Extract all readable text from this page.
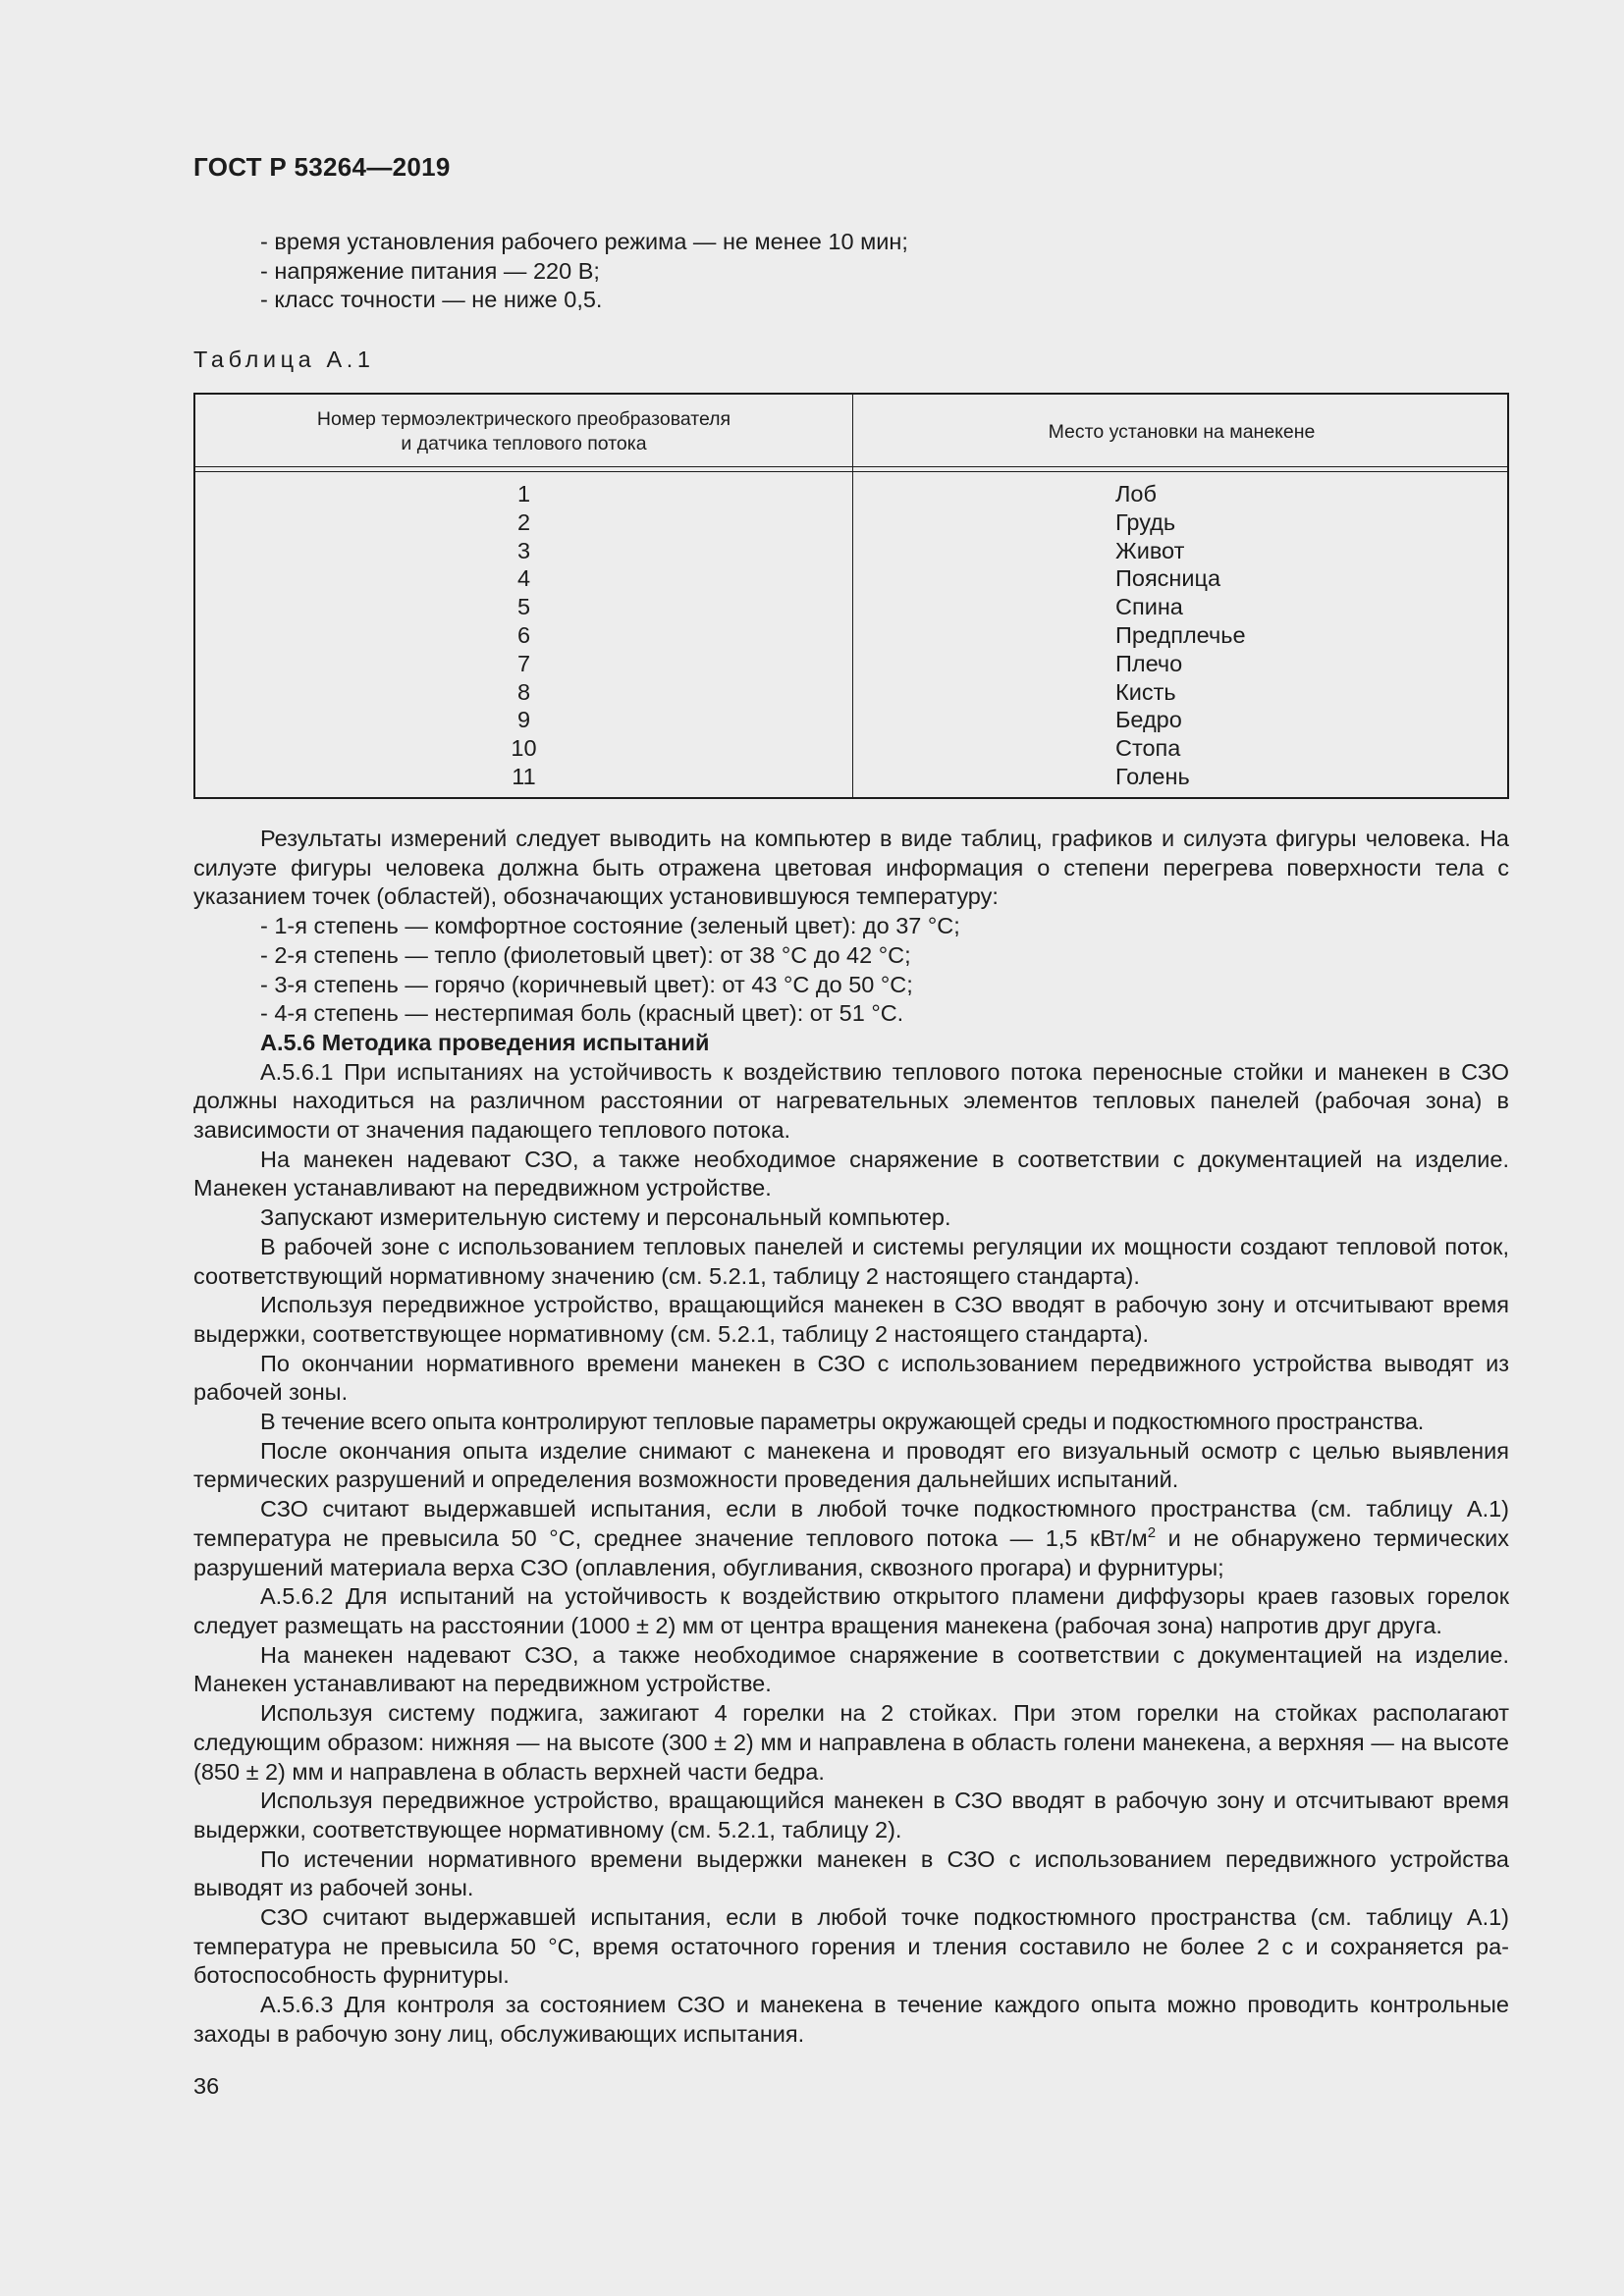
ГОСТ Р 53264—2019
- время установления рабочего режима — не менее 10 мин;
- напряжение питания — 220 В;
- класс точности — не ниже 0,5.
Таблица А.1
Номер термоэлектрического преобразователя
и датчика теплового потока
Место установки на манекене
1
2
3
4
5
6
7
8
9
10
11
Лоб
Грудь
Живот
Поясница
Спина
Предплечье
Плечо
Кисть
Бедро
Стопа
Голень

Результаты измерений следует выводить на компьютер в виде таблиц, графиков и силуэта фигуры человека. На силуэте фигуры человека должна быть отражена цветовая информация о степени перегрева поверхности тела с указанием точек (областей), обозначающих установившуюся температуру:

- 1-я степень — комфортное состояние (зеленый цвет): до 37 °С;

- 2-я степень — тепло (фиолетовый цвет): от 38 °С до 42 °С;

- 3-я степень — горячо (коричневый цвет): от 43 °С до 50 °С;

- 4-я степень — нестерпимая боль (красный цвет): от 51 °С.

А.5.6 Методика проведения испытаний

А.5.6.1 При испытаниях на устойчивость к воздействию теплового потока переносные стойки и манекен в СЗО должны находиться на различном расстоянии от нагревательных элементов тепловых панелей (рабочая зона) в зависимости от значения падающего теплового потока.

На манекен надевают СЗО, а также необходимое снаряжение в соответствии с документацией на изделие. Манекен устанавливают на передвижном устройстве.

Запускают измерительную систему и персональный компьютер.

В рабочей зоне с использованием тепловых панелей и системы регуляции их мощности создают тепловой поток, соответствующий нормативному значению (см. 5.2.1, таблицу 2 настоящего стандарта).

Используя передвижное устройство, вращающийся манекен в СЗО вводят в рабочую зону и отсчитывают время выдержки, соответствующее нормативному (см. 5.2.1, таблицу 2 настоящего стандарта).

По окончании нормативного времени манекен в СЗО с использованием передвижного устройства выводят из рабочей зоны.

В течение всего опыта контролируют тепловые параметры окружающей среды и подкостюмного пространства.

После окончания опыта изделие снимают с манекена и проводят его визуальный осмотр с целью выявления термических разрушений и определения возможности проведения дальнейших испытаний.

СЗО считают выдержавшей испытания, если в любой точке подкостюмного пространства (см. таблицу А.1) температура не превысила 50 °С, среднее значение теплового потока — 1,5 кВт/$м^2$ и не обнаружено термических разрушений материала верха СЗО (оплавления, обугливания, сквозного прогара) и фурнитуры;

А.5.6.2 Для испытаний на устойчивость к воздействию открытого пламени диффузоры краев газовых горелок следует размещать на расстоянии (1000 ± 2) мм от центра вращения манекена (рабочая зона) напротив друг друга.

На манекен надевают СЗО, а также необходимое снаряжение в соответствии с документацией на изделие. Манекен устанавливают на передвижном устройстве.

Используя систему поджига, зажигают 4 горелки на 2 стойках. При этом горелки на стойках располагают следующим образом: нижняя — на высоте (300 ± 2) мм и направлена в область голени манекена, а верхняя — на высоте (850 ± 2) мм и направлена в область верхней части бедра.

Используя передвижное устройство, вращающийся манекен в СЗО вводят в рабочую зону и отсчитывают время выдержки, соответствующее нормативному (см. 5.2.1, таблицу 2).

По истечении нормативного времени выдержки манекен в СЗО с использованием передвижного устройства выводят из рабочей зоны.

СЗО считают выдержавшей испытания, если в любой точке подкостюмного пространства (см. таблицу А.1) температура не превысила 50 °С, время остаточного горения и тления составило не более 2 с и сохраняется работоспособность фурнитуры.

А.5.6.3 Для контроля за состоянием СЗО и манекена в течение каждого опыта можно проводить контрольные заходы в рабочую зону лиц, обслуживающих испытания.

36
